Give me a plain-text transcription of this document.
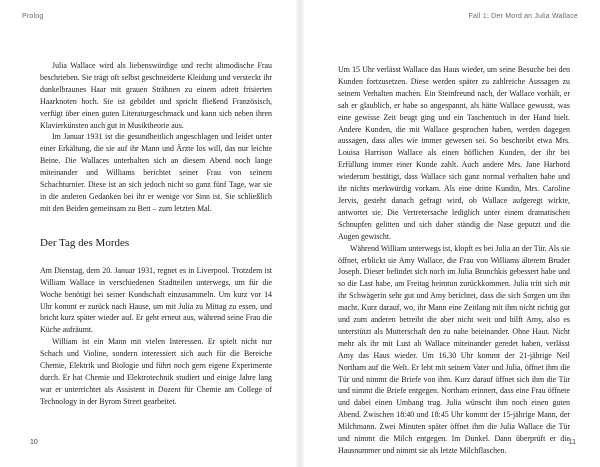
Prolog

Julia Wallace wird als liebenswürdige und recht altmodische Frau beschrieben. Sie trägt oft selbst geschneiderte Kleidung und versteckt ihr dunkelbraunes Haar mit grauen Strähnen zu einem adrett frisierten Haarknoten hoch. Sie ist gebildet und spricht fließend Französisch, verfügt über einen guten Literaturgeschmack und kann sich neben ihren Klavierkünsten auch gut in Musiktheorie aus.

Im Januar 1931 ist die gesundheitlich angeschlagen und leidet unter einer Erkältung, die sie auf ihr Mann und Ärzte los will, das nur leichte Beine. Die Wallaces unterhalten sich an diesem Abend noch lange miteinander und Williams berichtet seiner Frau von seinem Schachturnier. Diese ist an sich jedoch nicht so ganz fünf Tage, war sie in die anderen Gedanken bei ihr er wenige vor Sinn ist. Sie schließlich mit den Beiden gemeinsam zu Bett – zum letzten Mal.

Der Tag des Mordes

Am Dienstag, dem 20. Januar 1931, regnet es in Liverpool. Trotzdem ist William Wallace in verschiedenen Stadtteilen unterwegs, um für die Woche benötigt bei seiner Kundschaft einzusammeln. Um kurz vor 14 Uhr kommt er zurück nach Hause, um mit Julia zu Mittag zu essen, und bricht kurz später wieder auf. Er geht erneut aus, während seine Frau die Küche aufräumt.

William ist ein Mann mit vielen Interessen. Er spielt nicht nur Schach und Violine, sondern interessiert sich auch für die Bereiche Chemie, Elektrik und Biologie und führt noch gern eigene Experimente durch. Er hat Chemie und Elektrotechnik studiert und einige Jahre lang war er unterrichtet als Assistent in Dozent für Chemie am College of Technology in der Byrom Street gearbeitet.

10
Fall 1: Der Mord an Julia Wallace

Um 15 Uhr verlässt Wallace das Haus wieder, um seine Besuche bei den Kunden fortzusetzen. Diese werden später zu zahlreiche Aussagen zu seinem Verhalten machen. Ein Steinfreund nach, der Wallace vorhält, er sah er glaublich, er habe so angespannt, als hätte Wallace gewusst, was eine gewisse Zeit beugt ging und ein Taschentuch in der Hand hielt. Andere Kunden, die mit Wallace gesprochen haben, werden dagegen aussagen, dass alles wie immer gewesen sei. So beschreibt etwa Mrs. Louisa Harrison Wallace als einen höflichen Kunden, der ihr bei Erfüllung immer einer Kunde zahlt. Auch andere Mrs. Jane Harbord wiederum bestätigt, dass Wallace sich ganz normal verhalten habe und ihr nichts merkwürdig vorkam. Als eine dritte Kundin, Mrs. Caroline Jervis, gesteht danach gefragt wird, ob Wallace aufgeregt wirkte, antwortet sie. Die Vertretersache lediglich unter einem dramatischen Schnupfen gelitten und sich daher ständig die Nase geputzt und die Augen gewischt.

Während William unterwegs ist, klopft es bei Julia an der Tür. Als sie öffnet, erblickt sie Amy Wallace, die Frau von Williams älterem Bruder Joseph. Dieser befindet sich noch im Julia Brunchkis gebessert habe und so die Last habe, am Freitag heimtun zurückkommen. Julia tritt sich mit ihr Schwägerin sehr gut und Amy berichtet, dass die sich Sorgen um ihn macht. Kurz darauf, wo, ihr Mann eine Zeitlang mit ihm nicht richtig gut und zum anderen betreibt die aber nicht weit und hilft Amy, also es unterstützt als Mutterschaft den zu nahe beieinander. Ohne Haut. Nicht mehr als ihr mit Lust ab Wallace miteinander geredet haben, verlässt Amy das Haus wieder. Um 16.30 Uhr kommt der 21-jährige Neil Northam auf die Welt. Er lebt mit seinem Vater und Julia, öffnet ihm die Tür und nimmt die Briefe von ihm. Kurz darauf öffnet sich ihm die Tür und nimmt die Briefe entgegen. Northam erinnert, dass eine Frau öffnete und dabei einen Umhang trug. Julia wünscht ihm noch einen guten Abend. Zwischen 18:40 und 18:45 Uhr kommt der 15-jährige Mann, der Milchmann. Zwei Minuten später öffnet ihm die Julia Wallace die Tür und nimmt die Milch entgegen. Im Dunkel. Dann überprüft er die Hausnummer und nimmt sie als letzte Milchflaschen.

11
